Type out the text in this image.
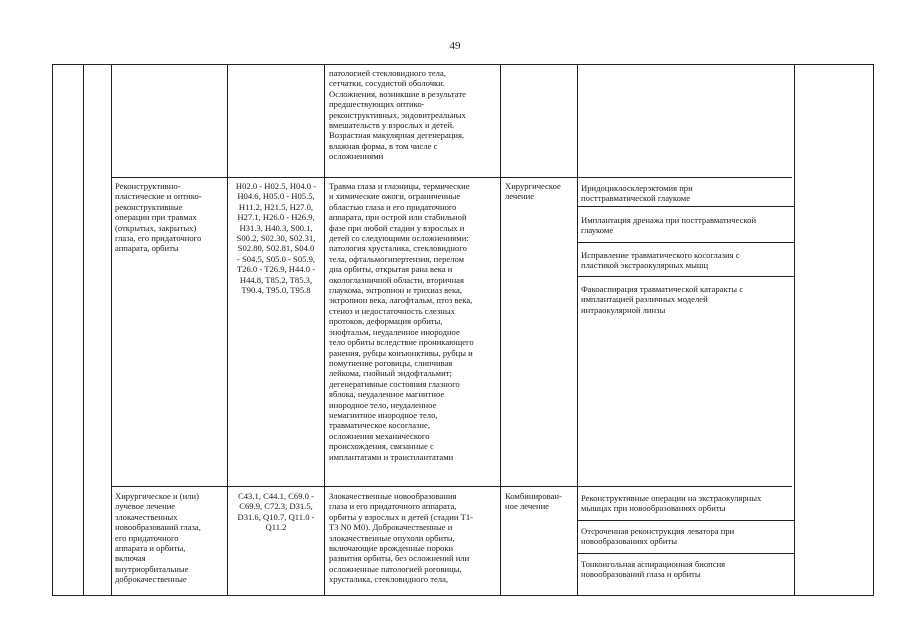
49
патологией стекловидного тела,
сетчатки, сосудистой оболочки.
Осложнения, возникшие в результате
предшествующих оптико-
реконструктивных, эндовитреальных
вмешательств у взрослых и детей.
Возрастная макулярная дегенерация,
влажная форма, в том числе с
осложнениями
Реконструктивно-
пластические и оптико-
реконструктивные
операции при травмах
(открытых, закрытых)
глаза, его придаточного
аппарата, орбиты
H02.0 - H02.5, H04.0 -
H04.6, H05.0 - H05.5,
H11.2, H21.5, H27.0,
H27.1, H26.0 - H26.9,
H31.3, H40.3, S00.1,
S00.2, S02.30, S02.31,
S02.80, S02.81, S04.0
- S04.5, S05.0 - S05.9,
T26.0 - T26.9, H44.0 -
H44.8, T85.2, T85.3,
T90.4, T95.0, T95.8
Травма глаза и глазницы, термические
и химические ожоги, ограниченные
областью глаза и его придаточного
аппарата, при острой или стабильной
фазе при любой стадии у взрослых и
детей со следующими осложнениями:
патология хрусталика, стекловидного
тела, офтальмогипертензия, перелом
дна орбиты, открытая рана века и
окологлазничной области, вторичная
глаукома, энтропион и трихиаз века,
эктропион века, лагофтальм, птоз века,
стеноз и недостаточность слезных
протоков, деформация орбиты,
энофтальм, неудаленное инородное
тело орбиты вследствие проникающего
ранения, рубцы конъюнктивы, рубцы и
помутнение роговицы, слипчивая
лейкома, гнойный эндофтальмит;
дегенеративные состояния глазного
яблока, неудаленное магнитное
инородное тело, неудаленное
немагнитное инородное тело,
травматическое косоглазие,
осложнения механического
происхождения, связанные с
имплантатами и трансплантатами
Хирургическое
лечение
Иридоциклосклерэктомия при
посттравматической глаукоме
Имплантация дренажа при посттравматической
глаукоме
Исправление травматического косоглазия с
пластикой экстраокулярных мышц
Факоаспирация травматической катаракты с
имплантацией различных моделей
интраокулярной линзы
Хирургическое и (или)
лучевое лечение
злокачественных
новообразований глаза,
его придаточного
аппарата и орбиты,
включая
внутриорбитальные
доброкачественные
C43.1, C44.1, C69.0 -
C69.9, C72.3, D31.5,
D31.6, Q10.7, Q11.0 -
Q11.2
Злокачественные новообразования
глаза и его придаточного аппарата,
орбиты у взрослых и детей (стадии T1-
T3 N0 M0). Доброкачественные и
злокачественные опухоли орбиты,
включающие врожденные пороки
развития орбиты, без осложнений или
осложненные патологией роговицы,
хрусталика, стекловидного тела,
Комбинирован-
ное лечение
Реконструктивные операции на экстраокулярных
мышцах при новообразованиях орбиты
Отсроченная реконструкция леватора при
новообразованиях орбиты
Тонкоигольная аспирационная биопсия
новообразований глаза и орбиты
